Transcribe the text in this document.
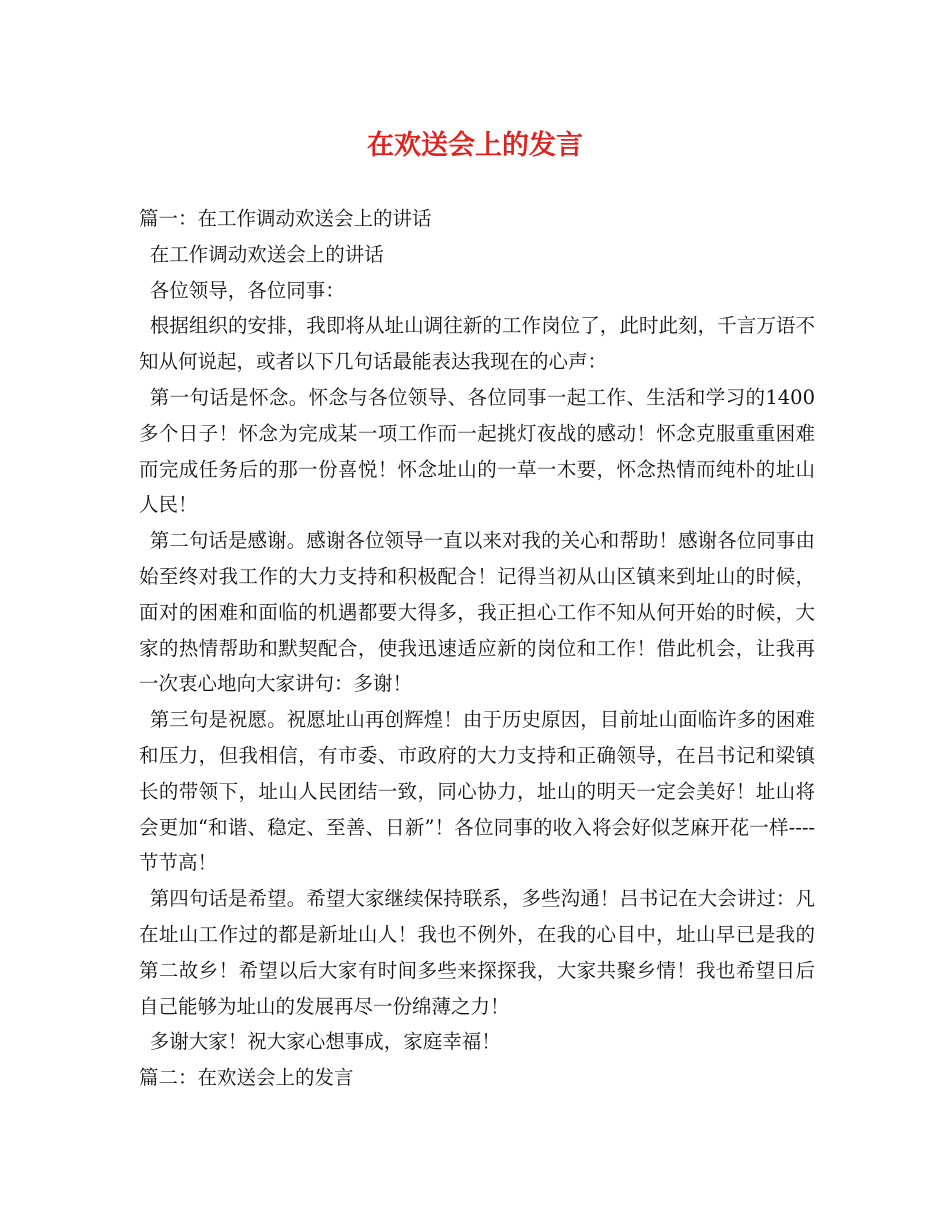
在欢送会上的发言

篇一：在工作调动欢送会上的讲话

在工作调动欢送会上的讲话

各位领导，各位同事：

根据组织的安排，我即将从址山调往新的工作岗位了，此时此刻，千言万语不知从何说起，或者以下几句话最能表达我现在的心声：

第一句话是怀念。怀念与各位领导、各位同事一起工作、生活和学习的1400多个日子！怀念为完成某一项工作而一起挑灯夜战的感动！怀念克服重重困难而完成任务后的那一份喜悦！怀念址山的一草一木要，怀念热情而纯朴的址山人民！

第二句话是感谢。感谢各位领导一直以来对我的关心和帮助！感谢各位同事由始至终对我工作的大力支持和积极配合！记得当初从山区镇来到址山的时候，面对的困难和面临的机遇都要大得多，我正担心工作不知从何开始的时候，大家的热情帮助和默契配合，使我迅速适应新的岗位和工作！借此机会，让我再一次衷心地向大家讲句：多谢！

第三句是祝愿。祝愿址山再创辉煌！由于历史原因，目前址山面临许多的困难和压力，但我相信，有市委、市政府的大力支持和正确领导，在吕书记和梁镇长的带领下，址山人民团结一致，同心协力，址山的明天一定会美好！址山将会更加“和谐、稳定、至善、日新”！各位同事的收入将会好似芝麻开花一样----节节高！

第四句话是希望。希望大家继续保持联系，多些沟通！吕书记在大会讲过：凡在址山工作过的都是新址山人！我也不例外，在我的心目中，址山早已是我的第二故乡！希望以后大家有时间多些来探探我，大家共聚乡情！我也希望日后自己能够为址山的发展再尽一份绵薄之力！

多谢大家！祝大家心想事成，家庭幸福！

篇二：在欢送会上的发言
